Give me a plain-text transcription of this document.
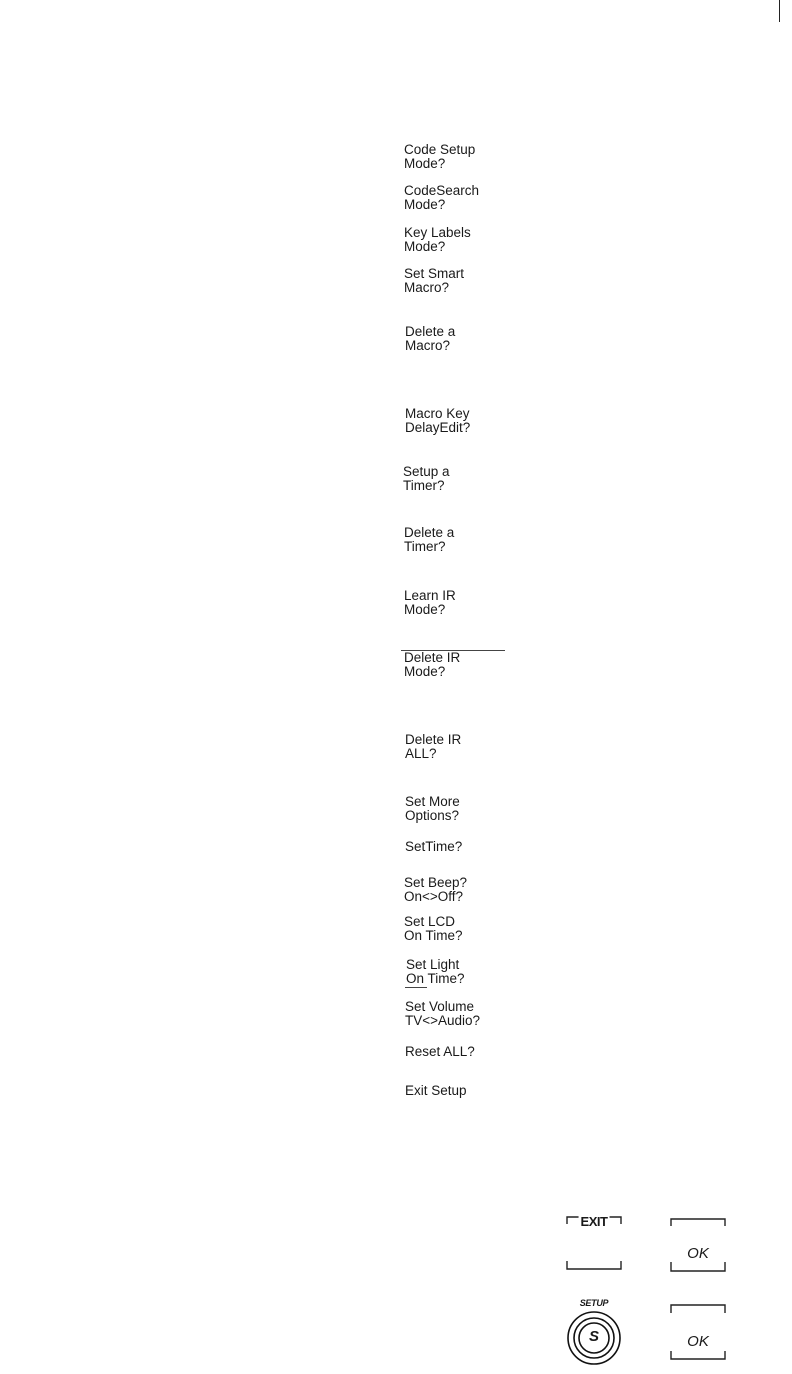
Code Setup
Mode?
CodeSearch
Mode?
Key Labels
Mode?
Set Smart
Macro?
Delete a
Macro?
Macro Key
DelayEdit?
Setup a
Timer?
Delete a
Timer?
Learn IR
Mode?
Delete IR
Mode?
Delete IR
ALL?
Set More
Options?
SetTime?
Set Beep?
On<>Off?
Set LCD
On Time?
Set Light
On Time?
Set Volume
TV<>Audio?
Reset ALL?
Exit Setup
EXIT
OK
SETUP
S	OK
